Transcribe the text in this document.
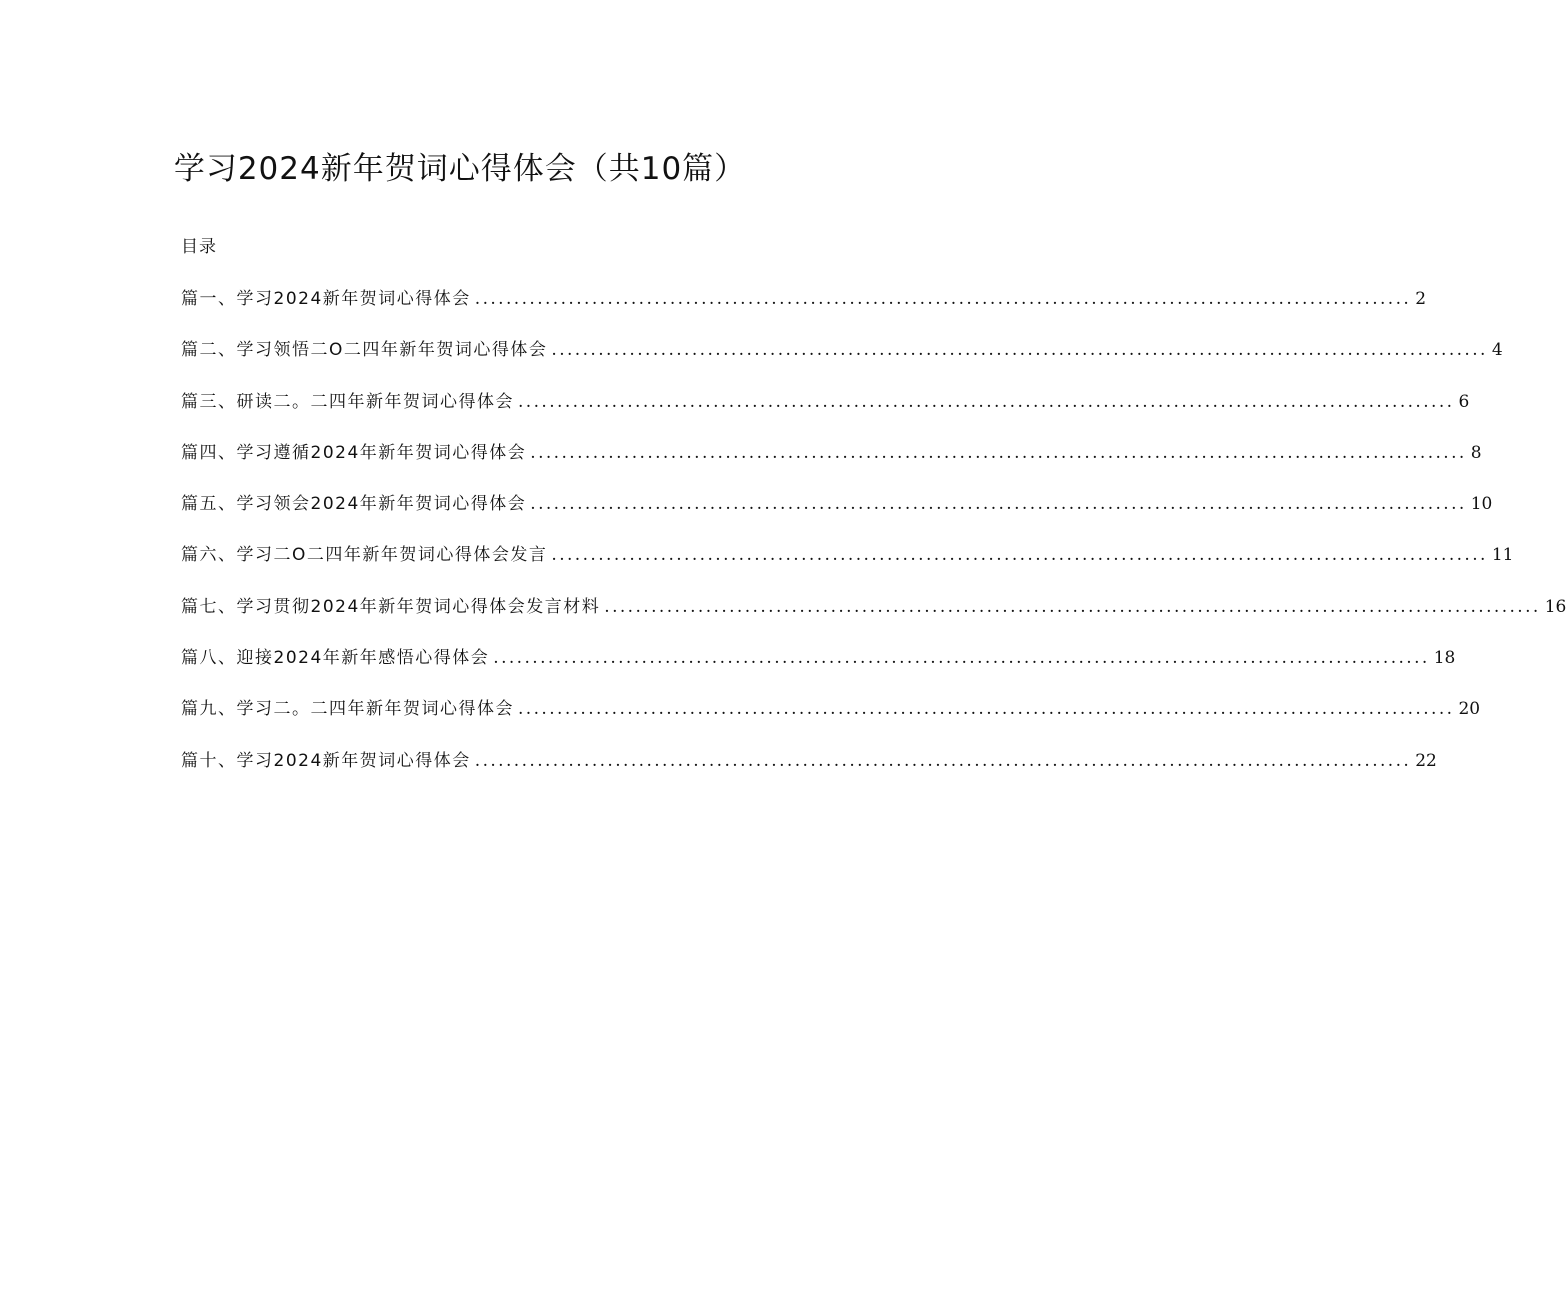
学习2024新年贺词心得体会（共10篇）
目录
篇一、学习2024新年贺词心得体会 ........................................................................................................................ 2
篇二、学习领悟二O二四年新年贺词心得体会 ........................................................................................................................ 4
篇三、研读二。二四年新年贺词心得体会 ........................................................................................................................ 6
篇四、学习遵循2024年新年贺词心得体会 ........................................................................................................................ 8
篇五、学习领会2024年新年贺词心得体会 ........................................................................................................................ 10
篇六、学习二O二四年新年贺词心得体会发言 ........................................................................................................................ 11
篇七、学习贯彻2024年新年贺词心得体会发言材料 ........................................................................................................................ 16
篇八、迎接2024年新年感悟心得体会 ........................................................................................................................ 18
篇九、学习二。二四年新年贺词心得体会 ........................................................................................................................ 20
篇十、学习2024新年贺词心得体会 ........................................................................................................................ 22
